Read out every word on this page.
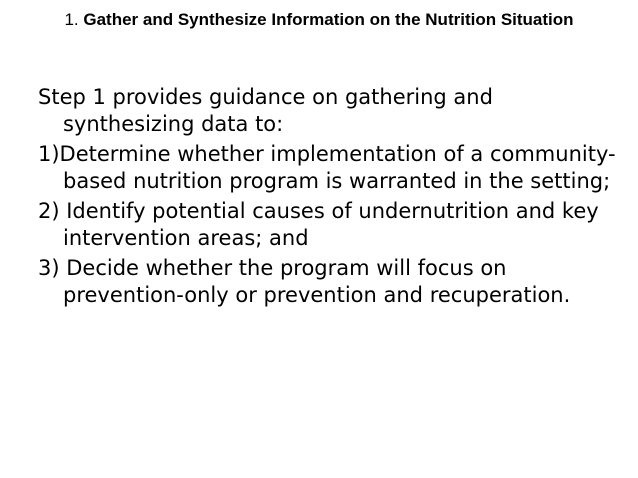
1. Gather and Synthesize Information on the Nutrition Situation

Step 1 provides guidance on gathering and synthesizing data to:

1)Determine whether implementation of a community-based nutrition program is warranted in the setting;

2) Identify potential causes of undernutrition and key intervention areas; and

3) Decide whether the program will focus on prevention-only or prevention and recuperation.
